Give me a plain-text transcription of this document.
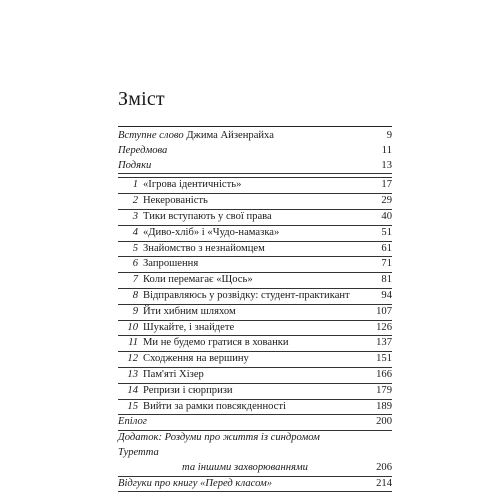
Зміст
Вступне слово Джима Айзенрайха	9
Передмова	11
Подяки	13
1 «Ігрова ідентичність»	17
2 Некерованість	29
3 Тики вступають у свої права	40
4 «Диво-хліб» і «Чудо-намазка»	51
5 Знайомство з незнайомцем	61
6 Запрошення	71
7 Коли перемагає «Щось»	81
8 Відправляюсь у розвідку: студент-практикант	94
9 Йти хибним шляхом	107
10 Шукайте, і знайдете	126
11 Ми не будемо гратися в хованки	137
12 Сходження на вершину	151
13 Пам'яті Хізер	166
14 Репризи і сюрпризи	179
15 Вийти за рамки повсякденності	189
Епілог	200
Додаток: Роздуми про життя із синдромом Туретта
та іншими захворюваннями	206
Відгуки про книгу «Перед класом»	214
